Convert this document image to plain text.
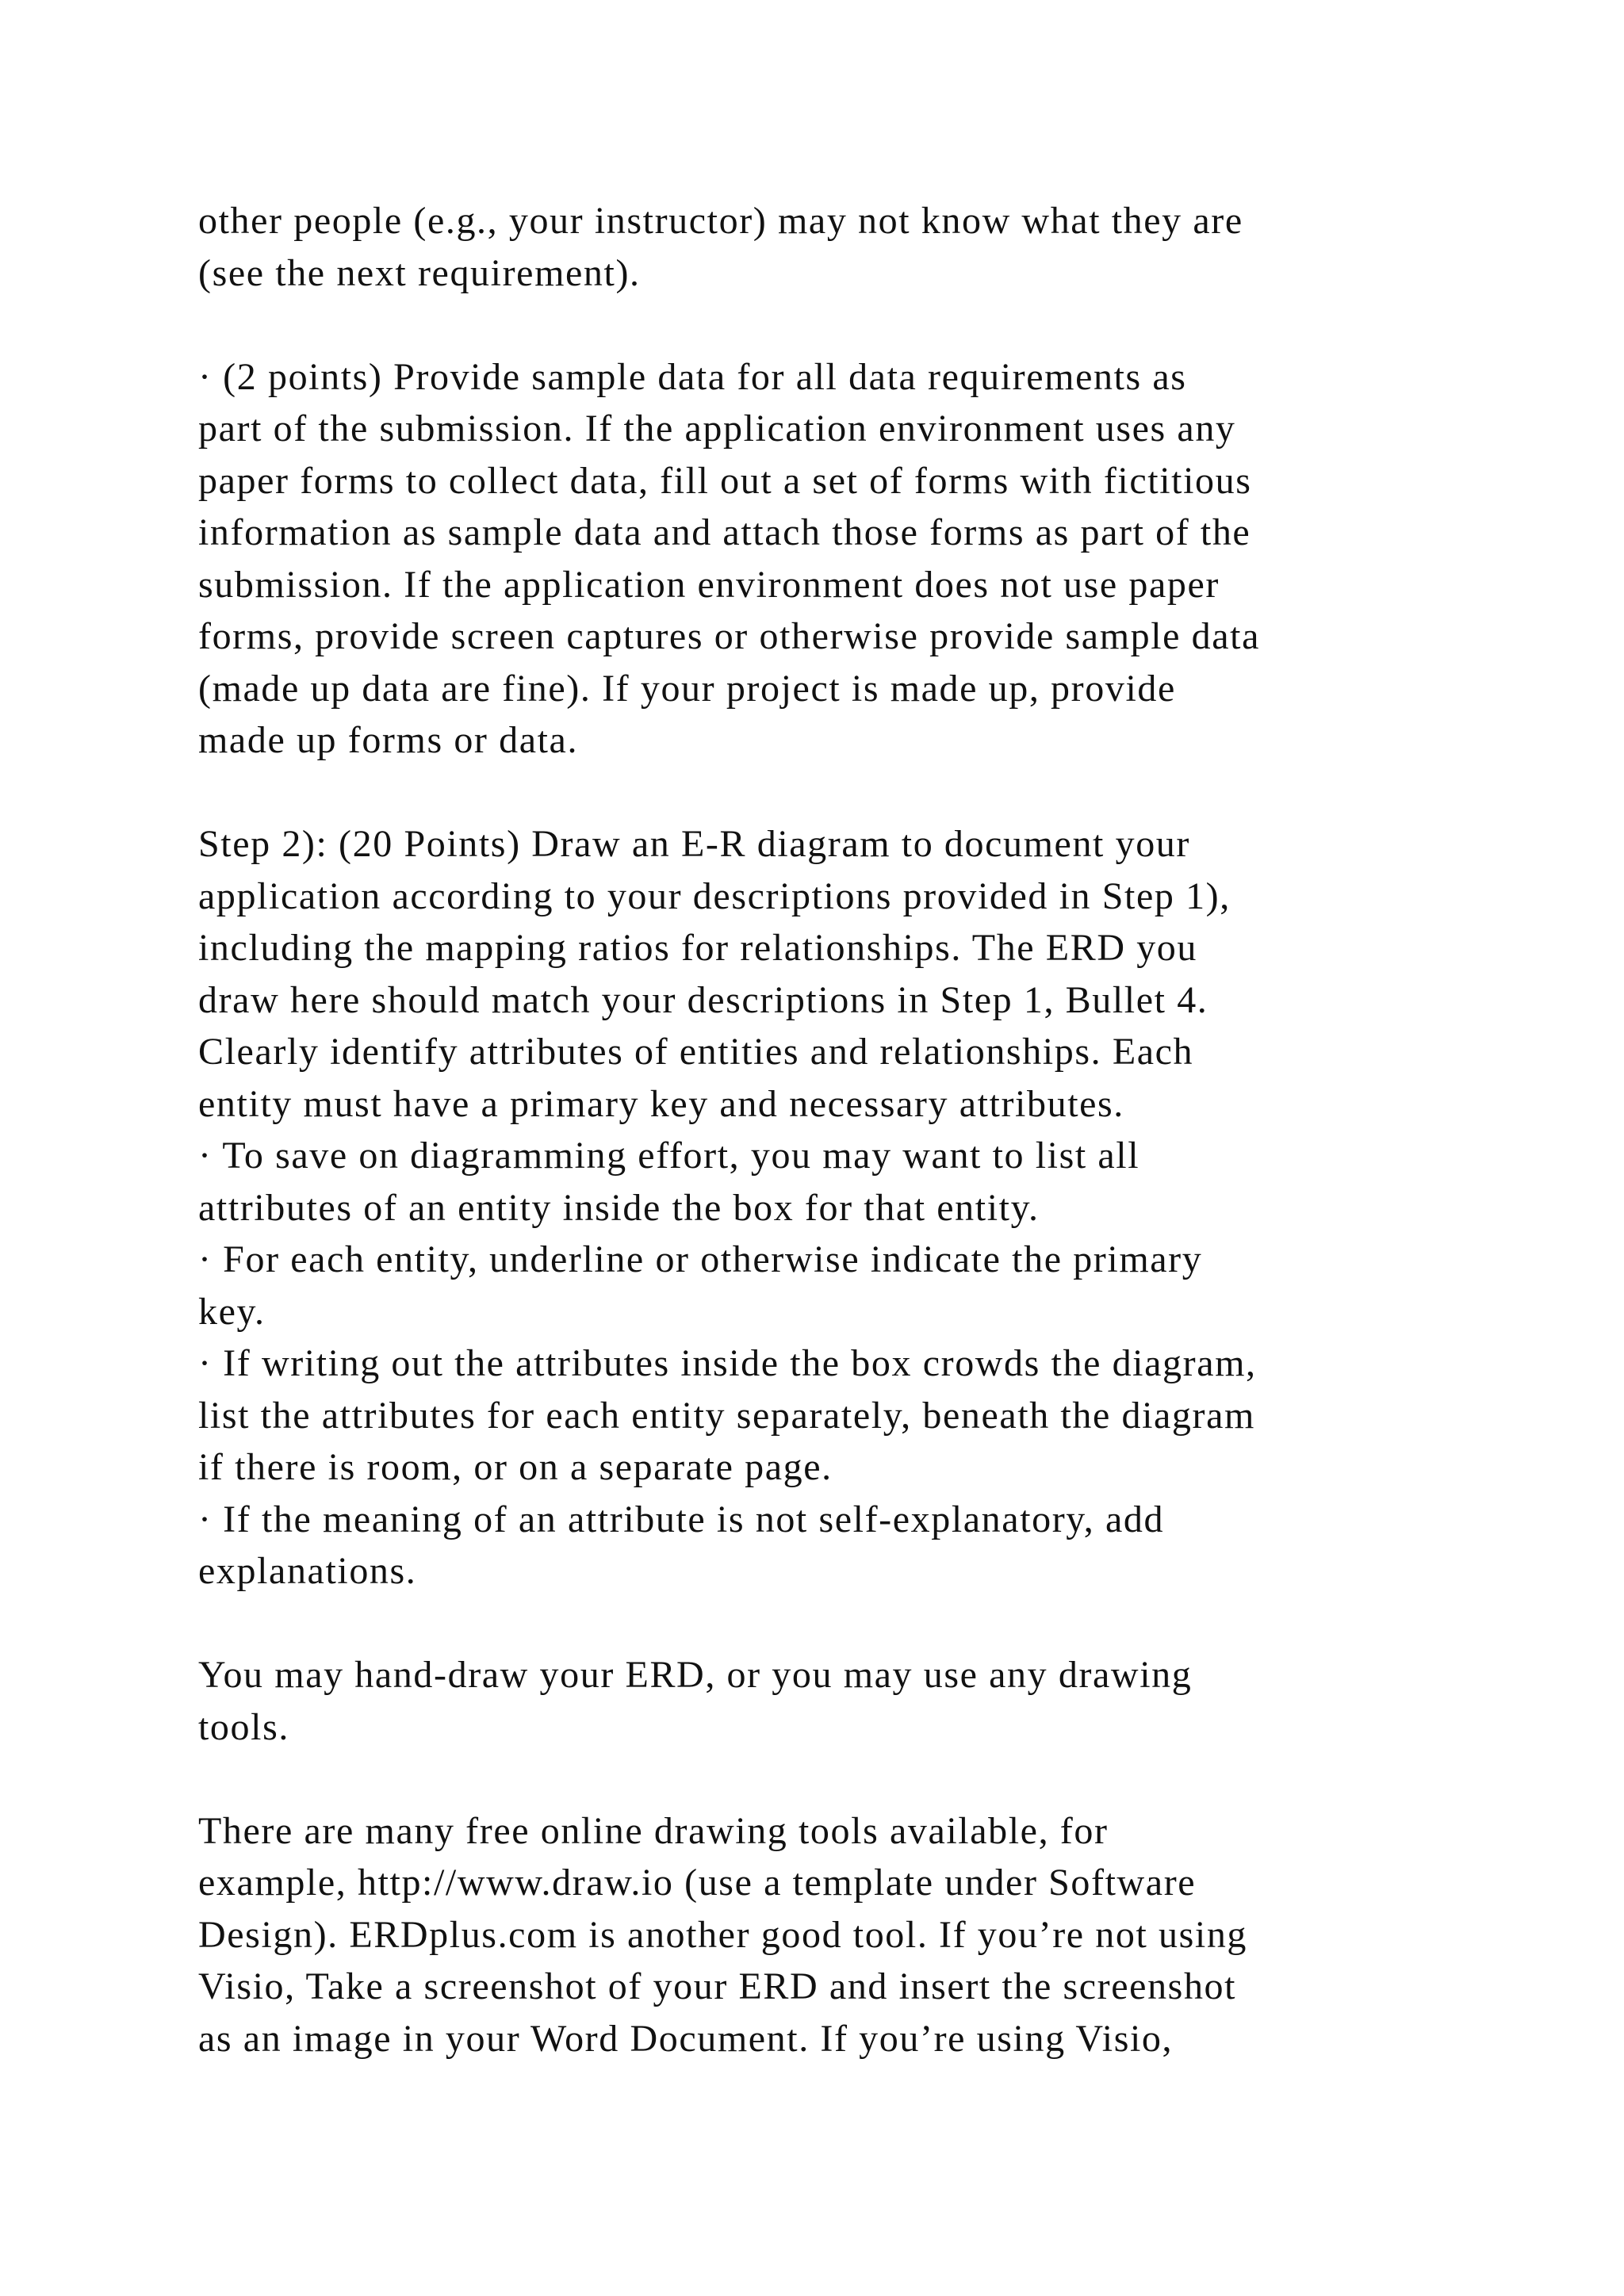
other people (e.g., your instructor) may not know what they are
(see the next requirement).
· (2 points) Provide sample data for all data requirements as
part of the submission. If the application environment uses any
paper forms to collect data, fill out a set of forms with fictitious
information as sample data and attach those forms as part of the
submission. If the application environment does not use paper
forms, provide screen captures or otherwise provide sample data
(made up data are fine). If your project is made up, provide
made up forms or data.
Step 2): (20 Points) Draw an E-R diagram to document your
application according to your descriptions provided in Step 1),
including the mapping ratios for relationships. The ERD you
draw here should match your descriptions in Step 1, Bullet 4.
Clearly identify attributes of entities and relationships. Each
entity must have a primary key and necessary attributes.
· To save on diagramming effort, you may want to list all
attributes of an entity inside the box for that entity.
· For each entity, underline or otherwise indicate the primary
key.
· If writing out the attributes inside the box crowds the diagram,
list the attributes for each entity separately, beneath the diagram
if there is room, or on a separate page.
· If the meaning of an attribute is not self-explanatory, add
explanations.
You may hand-draw your ERD, or you may use any drawing
tools.
There are many free online drawing tools available, for
example, http://www.draw.io (use a template under Software
Design). ERDplus.com is another good tool. If you’re not using
Visio, Take a screenshot of your ERD and insert the screenshot
as an image in your Word Document. If you’re using Visio,
